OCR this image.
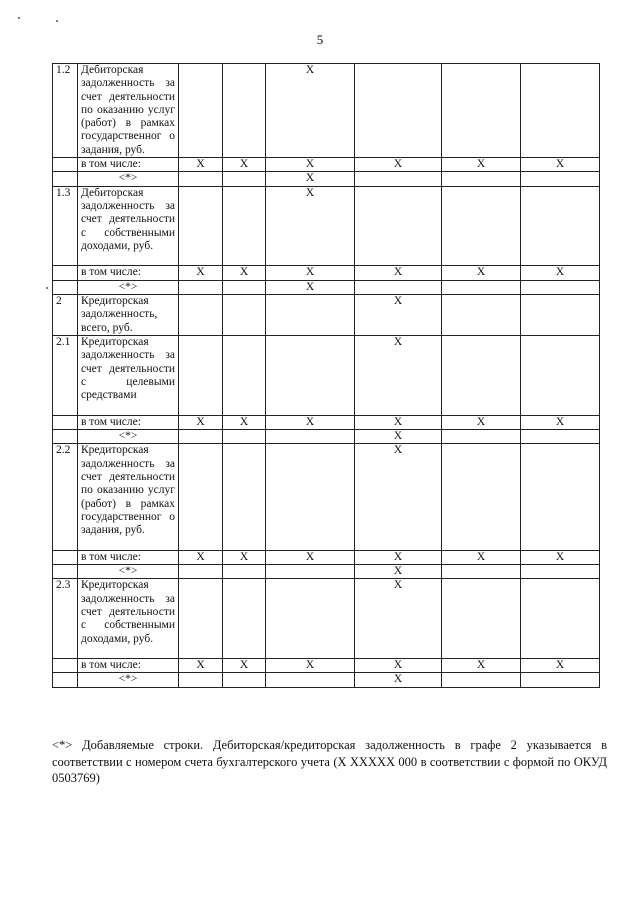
5
1.2	Дебиторская задолженность за счет деятельности по оказанию услуг (работ) в рамках государственног о задания, руб.			X			
	в том числе:	X	X	X	X	X	X
	<*>			X			
1.3	Дебиторская задолженность за счет деятельности с собственными доходами, руб.			X			
	в том числе:	X	X	X	X	X	X
	<*>			X			
2	Кредиторская задолженность, всего, руб.				X		
2.1	Кредиторская задолженность за счет деятельности с целевыми средствами				X		
	в том числе:	X	X	X	X	X	X
	<*>				X		
2.2	Кредиторская задолженность за счет деятельности по оказанию услуг (работ) в рамках государственног о задания, руб.				X		
	в том числе:	X	X	X	X	X	X
	<*>				X		
2.3	Кредиторская задолженность за счет деятельности с собственными доходами, руб.				X		
	в том числе:	X	X	X	X	X	X
	<*>				X		
<*> Добавляемые строки. Дебиторская/кредиторская задолженность в графе 2 указывается в соответствии с номером счета бухгалтерского учета (X XXXXX 000 в соответствии с формой по ОКУД 0503769)
